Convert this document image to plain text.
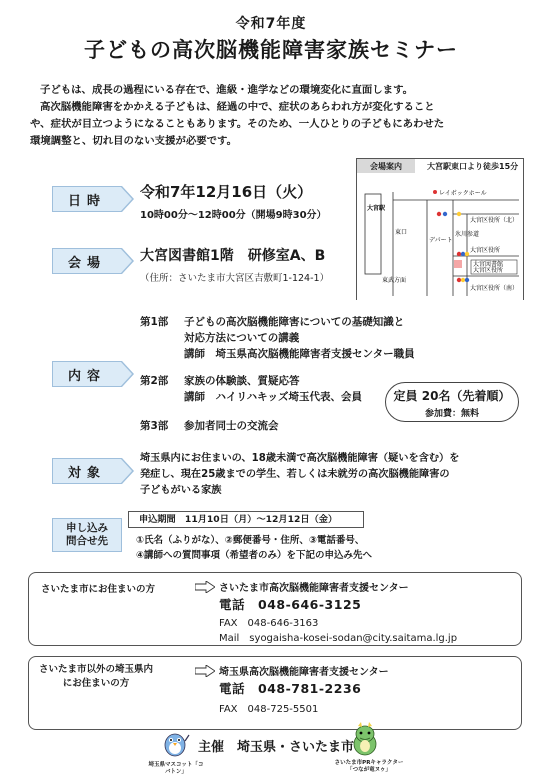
令和7年度
子どもの高次脳機能障害家族セミナー

子どもは、成長の過程にいる存在で、進級・進学などの環境変化に直面します。

高次脳機能障害をかかえる子どもは、経過の中で、症状のあらわれ方が変化すること
や、症状が目立つようになることもあります。そのため、一人ひとりの子どもにあわせた
環境調整と、切れ目のない支援が必要です。
日時	令和7年12月16日（火）
10時00分～12時00分（開場9時30分）
会場	大宮図書館1階　研修室A、B
（住所：さいたま市大宮区吉敷町1-124-1）
会場案内	大宮駅東口より徒歩15分
大宮駅
東口
東武方面
レイボックホール
デパート
氷川参道
大宮区役所（北）
大宮区役所
大宮図書館
大宮区役所
大宮区役所（南）
内容
第1部 子どもの高次脳機能障害についての基礎知識と
対応方法についての講義
講師　埼玉県高次脳機能障害者支援センター職員
第2部 家族の体験談、質疑応答
講師　ハイリハキッズ埼玉代表、会員
第3部 参加者同士の交流会
定員 20名（先着順）
参加費：無料
対象
埼玉県内にお住まいの、18歳未満で高次脳機能障害（疑いを含む）を
発症し、現在25歳までの学生、若しくは未就労の高次脳機能障害の
子どもがいる家族
申し込み
問合せ先
申込期間　11月10日（月）～12月12日（金）
①氏名（ふりがな）、②郵便番号・住所、③電話番号、
④講師への質問事項（希望者のみ）を下記の申込み先へ
さいたま市にお住まいの方	さいたま市高次脳機能障害者支援センター
電話　048-646-3125
FAX　048-646-3163
Mail　syogaisha-kosei-sodan@city.saitama.lg.jp
さいたま市以外の埼玉県内
にお住まいの方
埼玉県高次脳機能障害者支援センター
電話　048-781-2236
FAX　048-725-5501
埼玉県マスコット「コバトン」
主催　埼玉県・さいたま市
さいたま市PRキャラクター
「つなが竜ヌゥ」
